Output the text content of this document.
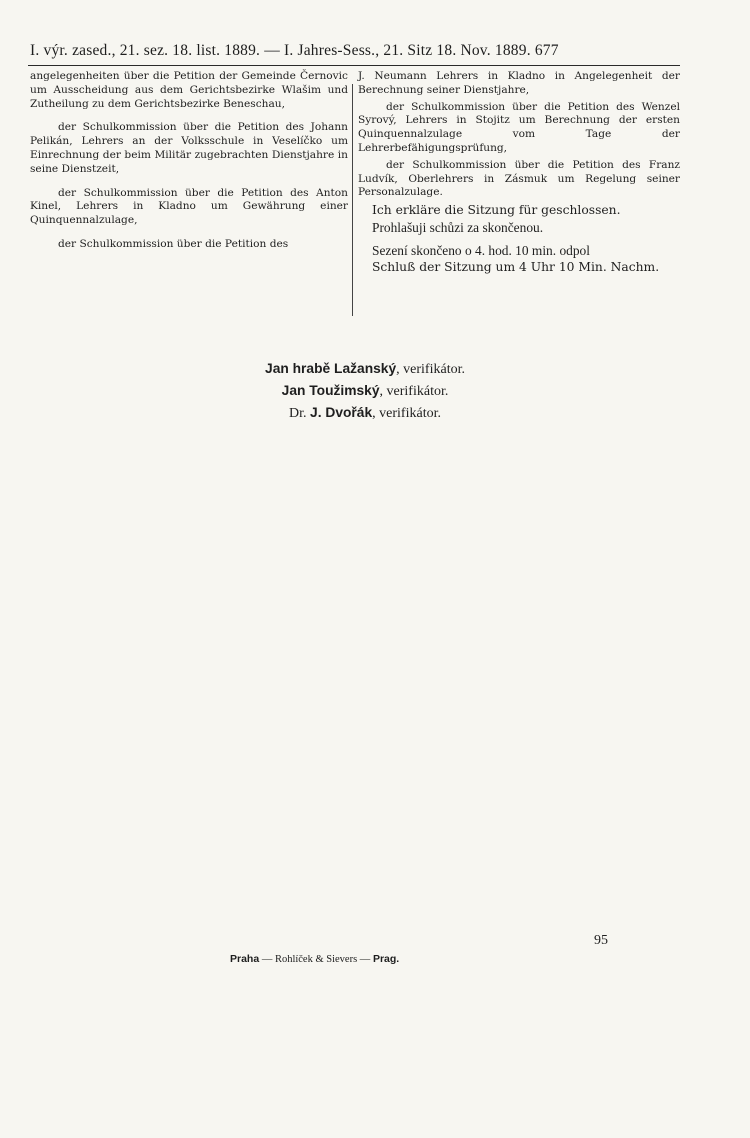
I. výr. zased., 21. sez. 18. list. 1889. — I. Jahres-Sess., 21. Sitz 18. Nov. 1889. 677

angelegenheiten über die Petition der Gemeinde Černovic um Ausscheidung aus dem Gerichtsbezirke Wlašim und Zutheilung zu dem Gerichtsbezirke Beneschau,

der Schulkommission über die Petition des Johann Pelikán, Lehrers an der Volksschule in Veselíčko um Einrechnung der beim Militär zugebrachten Dienstjahre in seine Dienstzeit,

der Schulkommission über die Petition des Anton Kinel, Lehrers in Kladno um Gewährung einer Quinquennalzulage,

der Schulkommission über die Petition des

J. Neumann Lehrers in Kladno in Angelegenheit der Berechnung seiner Dienstjahre,

der Schulkommission über die Petition des Wenzel Syrový, Lehrers in Stojitz um Berechnung der ersten Quinquennalzulage vom Tage der Lehrerbefähigungsprüfung,

der Schulkommission über die Petition des Franz Ludvík, Oberlehrers in Zásmuk um Regelung seiner Personalzulage.

Ich erkläre die Sitzung für geschlossen.

Prohlašuji schůzi za skončenou.

Sezení skončeno o 4. hod. 10 min. odpol

Schluß der Sitzung um 4 Uhr 10 Min. Nachm.

Jan hrabě Lažanský, verifikátor.
Jan Toužimský, verifikátor.
Dr. J. Dvořák, verifikátor.
95
Praha — Rohlíček & Sievers — Prag.
